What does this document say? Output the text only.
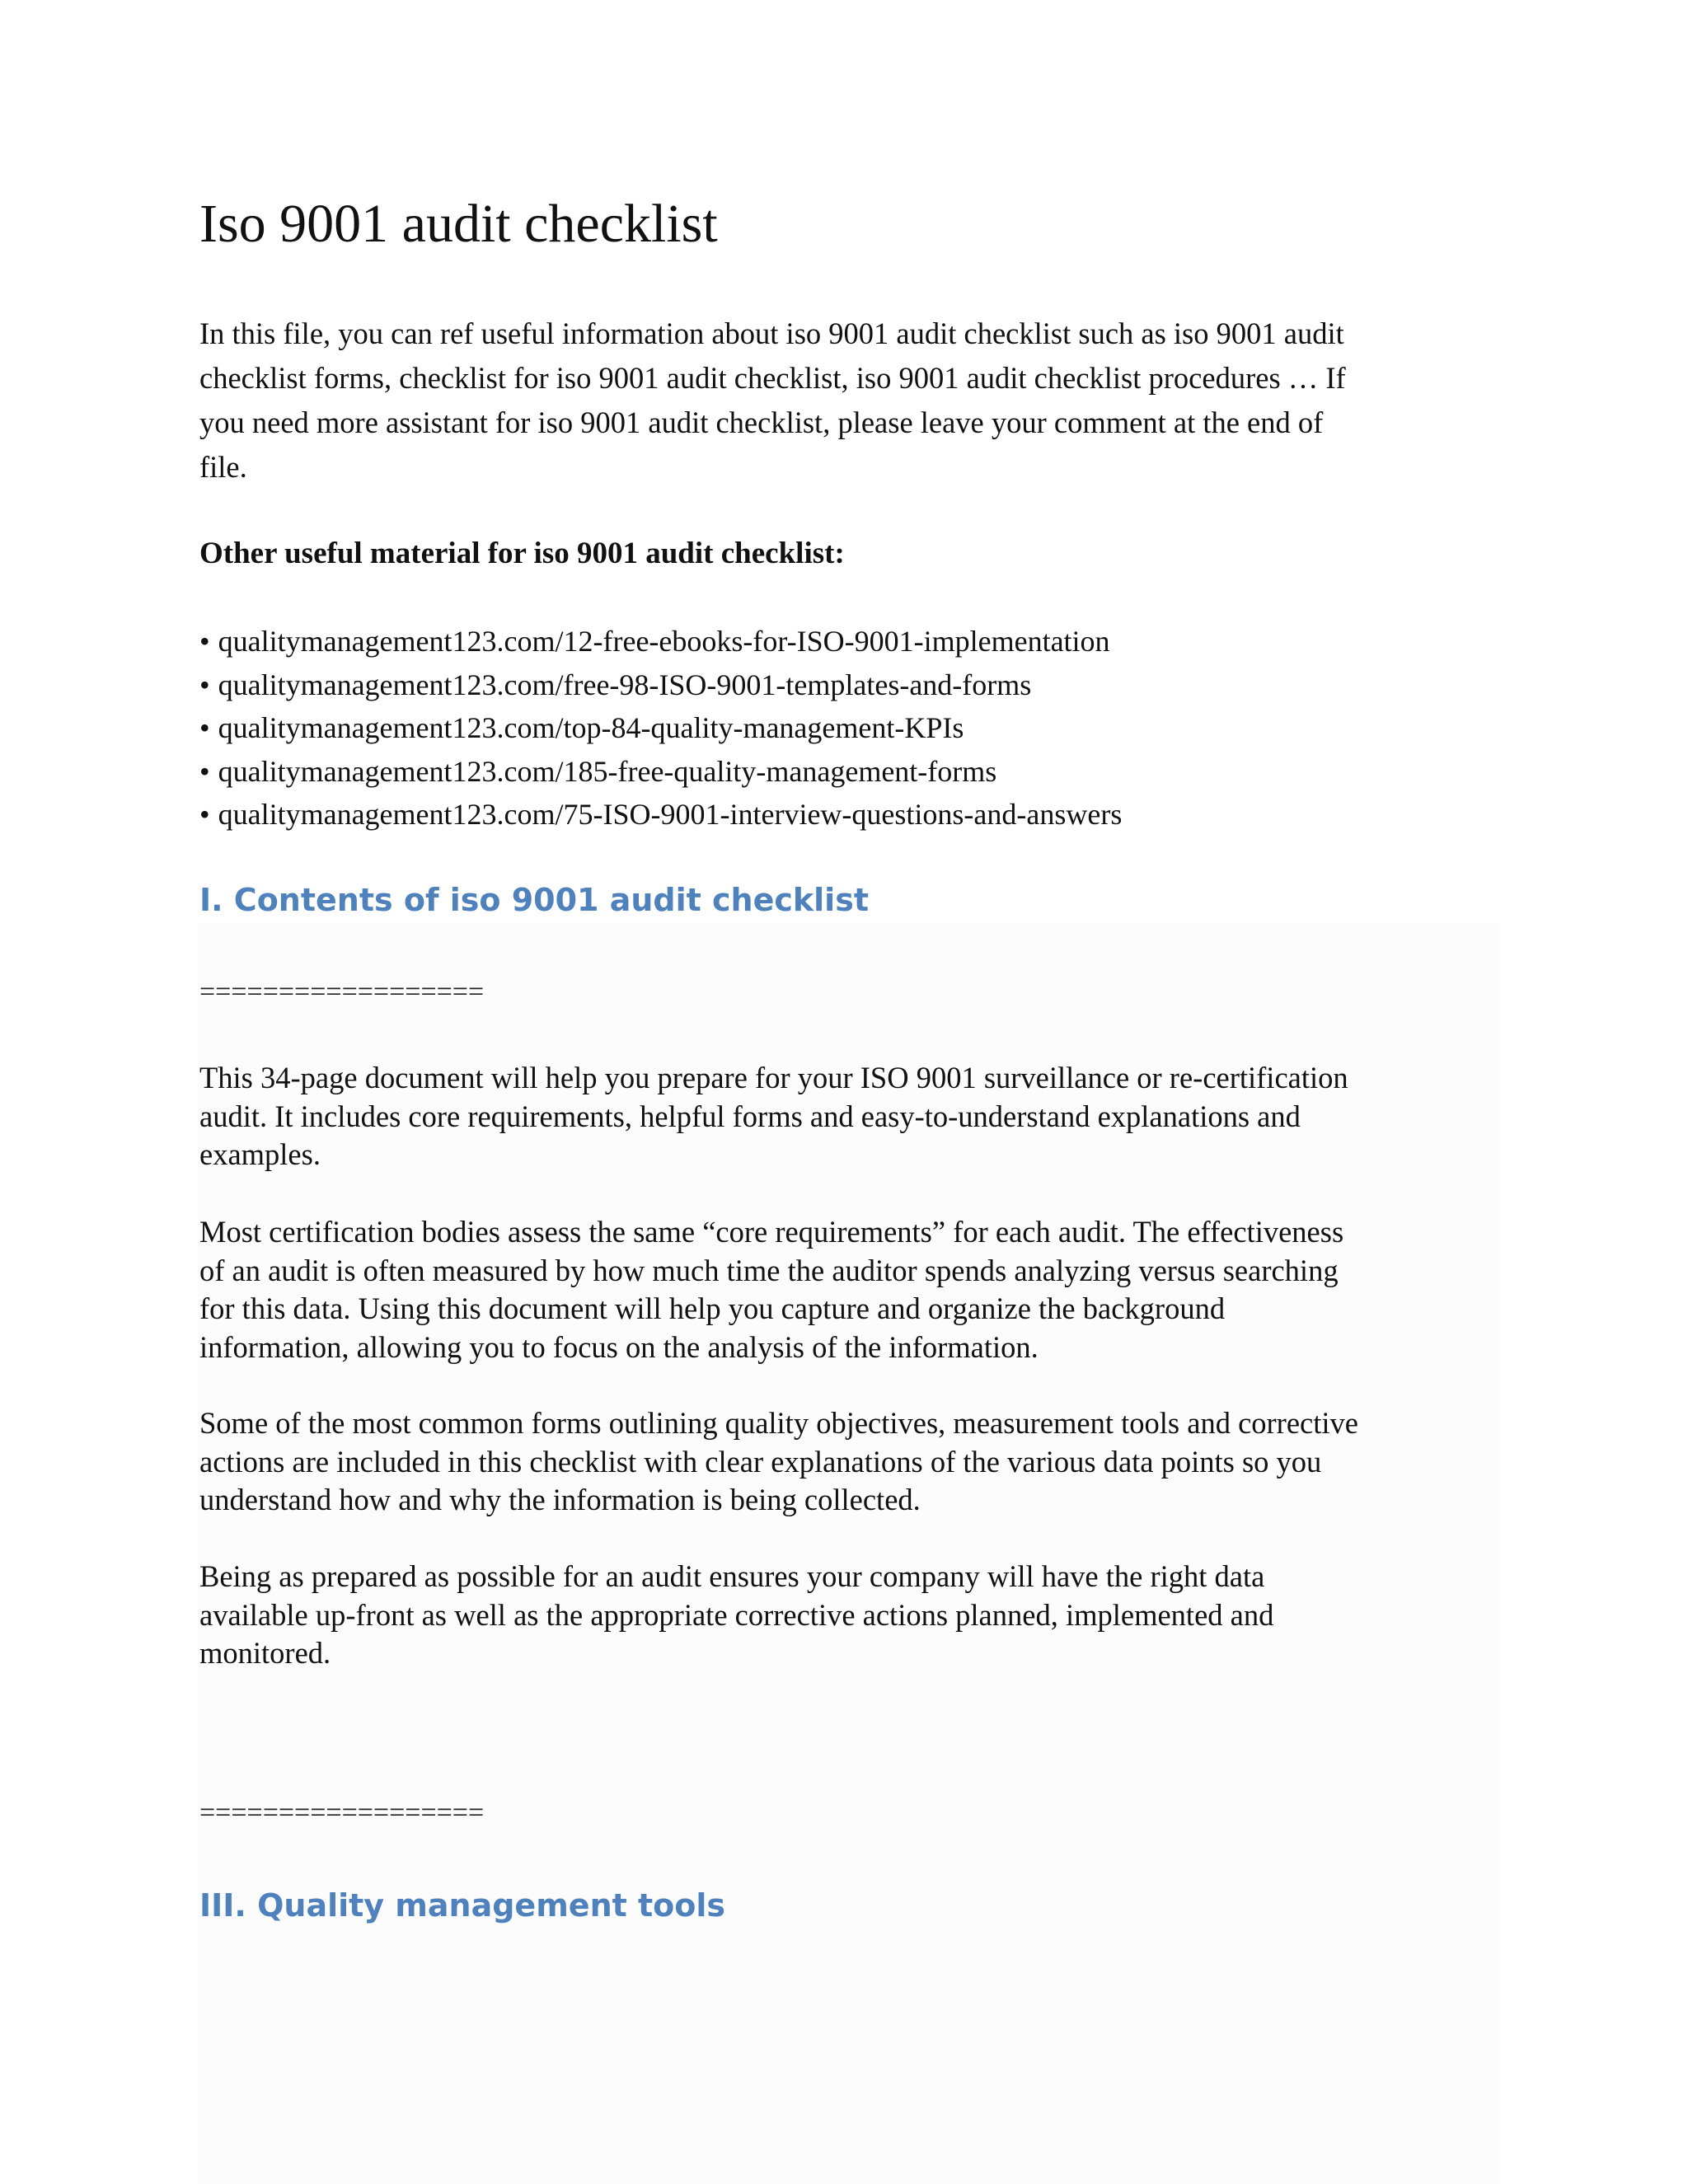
Iso 9001 audit checklist

In this file, you can ref useful information about iso 9001 audit checklist such as iso 9001 audit
checklist forms, checklist for iso 9001 audit checklist, iso 9001 audit checklist procedures … If
you need more assistant for iso 9001 audit checklist, please leave your comment at the end of
file.

Other useful material for iso 9001 audit checklist:

• qualitymanagement123.com/12-free-ebooks-for-ISO-9001-implementation
• qualitymanagement123.com/free-98-ISO-9001-templates-and-forms
• qualitymanagement123.com/top-84-quality-management-KPIs
• qualitymanagement123.com/185-free-quality-management-forms
• qualitymanagement123.com/75-ISO-9001-interview-questions-and-answers
I. Contents of iso 9001 audit checklist

==================

This 34-page document will help you prepare for your ISO 9001 surveillance or re-certification
audit. It includes core requirements, helpful forms and easy-to-understand explanations and
examples.

Most certification bodies assess the same “core requirements” for each audit. The effectiveness
of an audit is often measured by how much time the auditor spends analyzing versus searching
for this data. Using this document will help you capture and organize the background
information, allowing you to focus on the analysis of the information.

Some of the most common forms outlining quality objectives, measurement tools and corrective
actions are included in this checklist with clear explanations of the various data points so you
understand how and why the information is being collected.

Being as prepared as possible for an audit ensures your company will have the right data
available up-front as well as the appropriate corrective actions planned, implemented and
monitored.

==================

III. Quality management tools
